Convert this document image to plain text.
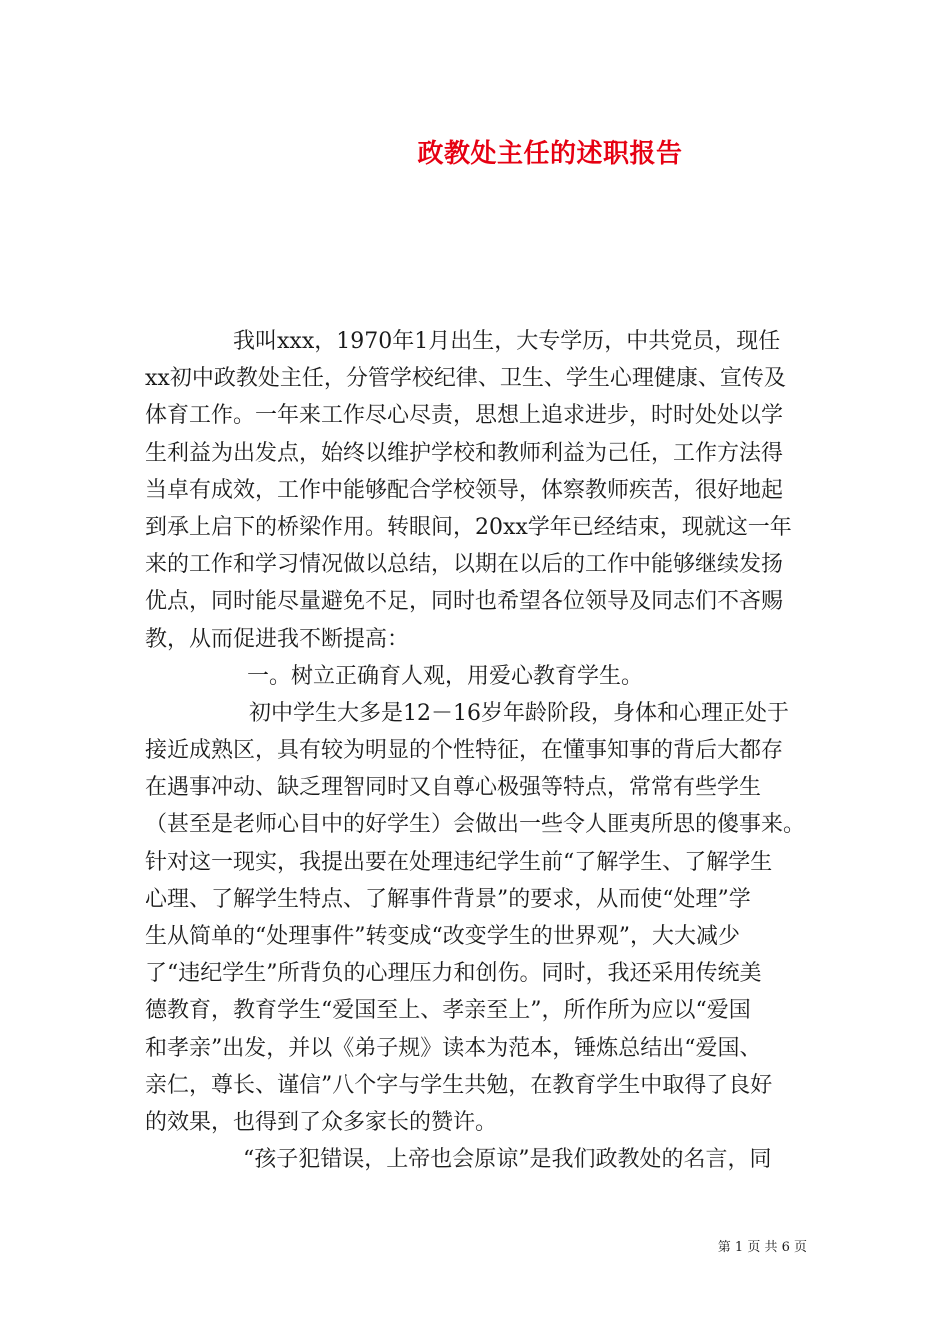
政教处主任的述职报告
我叫xxx，1970年1月出生，大专学历，中共党员，现任
xx初中政教处主任，分管学校纪律、卫生、学生心理健康、宣传及
体育工作。一年来工作尽心尽责，思想上追求进步，时时处处以学
生利益为出发点，始终以维护学校和教师利益为己任，工作方法得
当卓有成效，工作中能够配合学校领导，体察教师疾苦，很好地起
到承上启下的桥梁作用。转眼间，20xx学年已经结束，现就这一年
来的工作和学习情况做以总结，以期在以后的工作中能够继续发扬
优点，同时能尽量避免不足，同时也希望各位领导及同志们不吝赐
教，从而促进我不断提高：
一。树立正确育人观，用爱心教育学生。
初中学生大多是12－16岁年龄阶段，身体和心理正处于
接近成熟区，具有较为明显的个性特征，在懂事知事的背后大都存
在遇事冲动、缺乏理智同时又自尊心极强等特点，常常有些学生
（甚至是老师心目中的好学生）会做出一些令人匪夷所思的傻事来。
针对这一现实，我提出要在处理违纪学生前“了解学生、了解学生
心理、了解学生特点、了解事件背景”的要求，从而使“处理”学
生从简单的“处理事件”转变成“改变学生的世界观”，大大减少
了“违纪学生”所背负的心理压力和创伤。同时，我还采用传统美
德教育，教育学生“爱国至上、孝亲至上”，所作所为应以“爱国
和孝亲”出发，并以《弟子规》读本为范本，锤炼总结出“爱国、
亲仁，尊长、谨信”八个字与学生共勉，在教育学生中取得了良好
的效果，也得到了众多家长的赞许。
“孩子犯错误，上帝也会原谅”是我们政教处的名言，同
第 1 页 共 6 页
